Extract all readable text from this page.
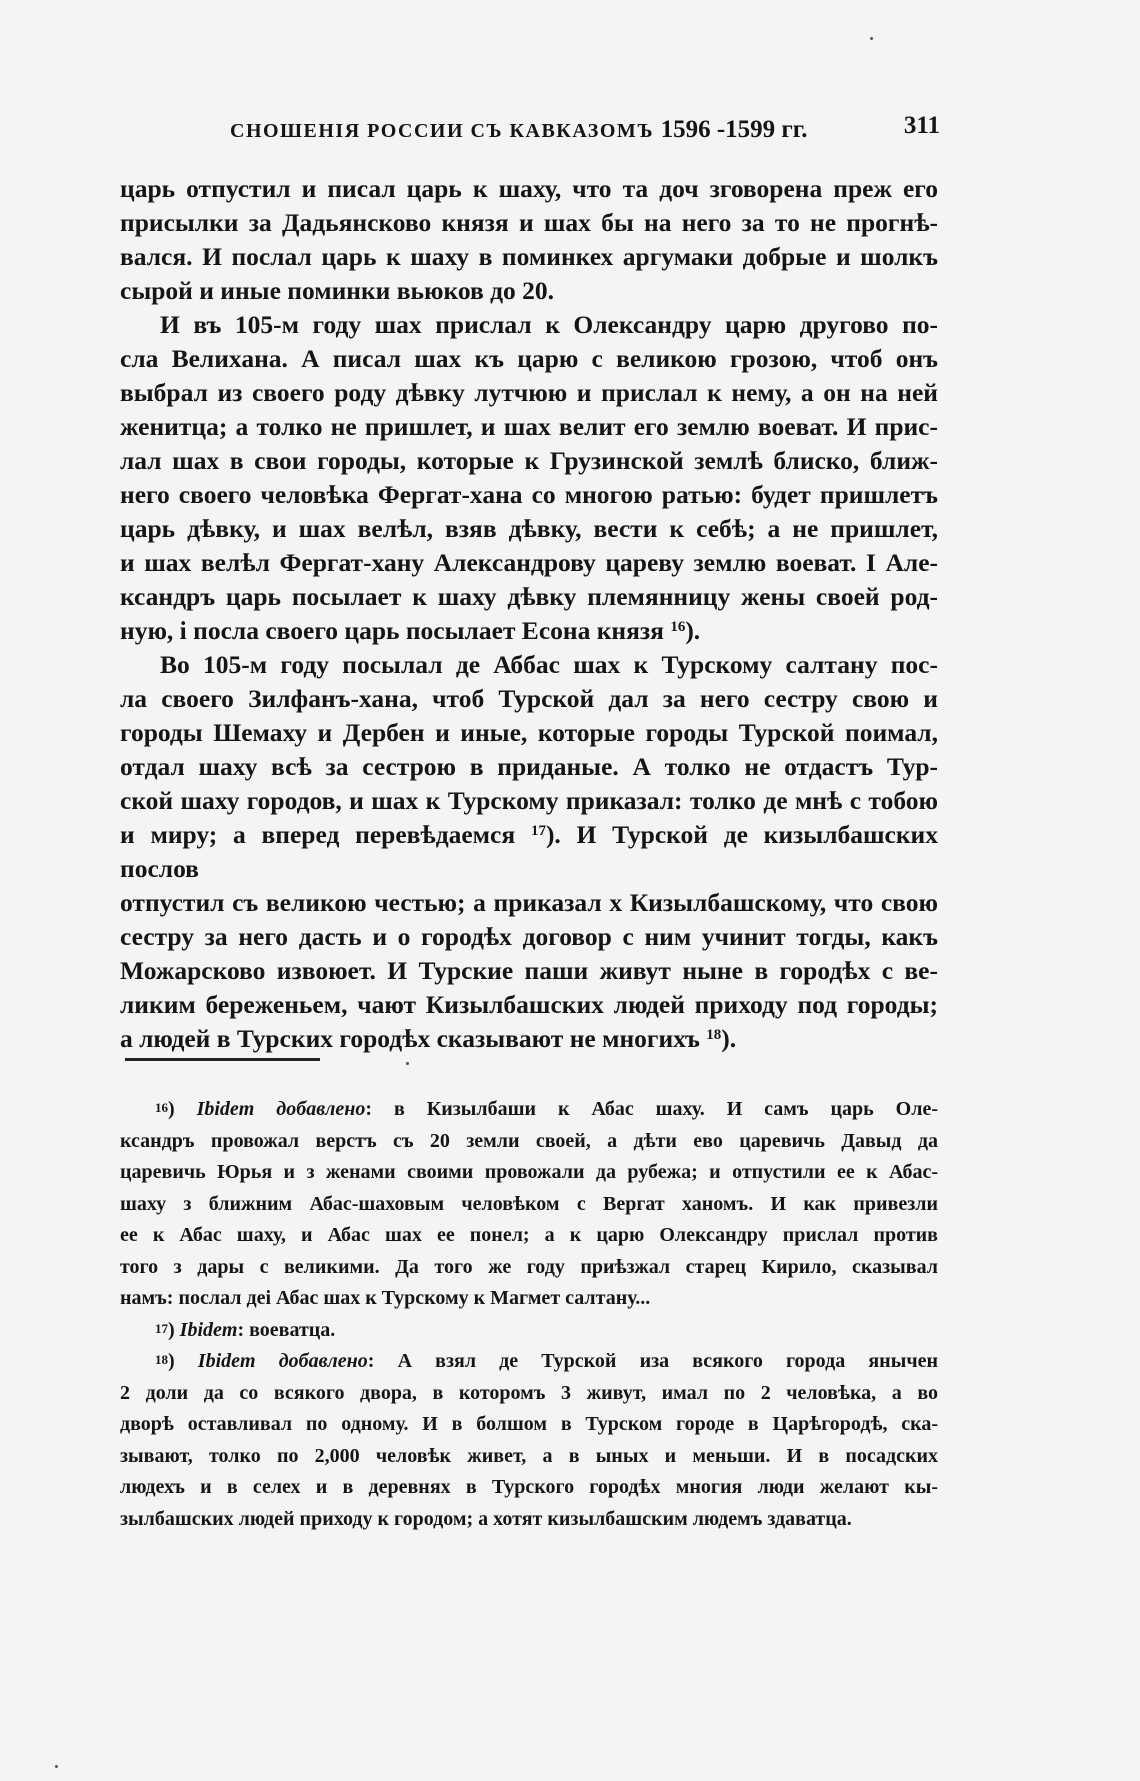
СНОШЕНІЯ РОССИИ СЪ КАВКАЗОМЪ 1596 -1599 гг.	311

царь отпустил и писал царь к шаху, что та доч зговорена преж его

присылки за Дадьянсково князя и шах бы на него за то не прогнѣ-

вался. И послал царь к шаху в поминкех аргумаки добрые и шолкъ

сырой и иные поминки вьюков до 20.

И въ 105-м году шах прислал к Олександру царю другово по-

сла Велихана. А писал шах къ царю с великою грозою, чтоб онъ

выбрал из своего роду дѣвку лутчюю и прислал к нему, а он на ней

женитца; а толко не пришлет, и шах велит его землю воеват. И прис-

лал шах в свои городы, которые к Грузинской землѣ блиско, ближ-

него своего человѣка Фергат-хана со многою ратью: будет пришлетъ

царь дѣвку, и шах велѣл, взяв дѣвку, вести к себѣ; а не пришлет,

и шах велѣл Фергат-хану Александрову цареву землю воеват. І Але-

ксандръ царь посылает к шаху дѣвку племянницу жены своей род-

ную, і посла своего царь посылает Есона князя $^{16}$).

Во 105-м году посылал де Аббас шах к Турскому салтану пос-

ла своего Зилфанъ-хана, чтоб Турской дал за него сестру свою и

городы Шемаху и Дербен и иные, которые городы Турской поимал,

отдал шаху всѣ за сестрою в приданые. А толко не отдастъ Тур-

ской шаху городов, и шах к Турскому приказал: толко де мнѣ с тобою

и миру; а вперед перевѣдаемся $^{17}$). И Турской де кизылбашских послов

отпустил съ великою честью; а приказал х Кизылбашскому, что свою

сестру за него дасть и о городѣх договор с ним учинит тогды, какъ

Можарсково извоюет. И Турские паши живут ныне в городѣх с ве-

ликим береженьем, чают Кизылбашских людей приходу под городы;

а людей в Турских городѣх сказывают не многихъ $^{18}$).

$^{16}$) Ibidem добавлено: в Кизылбаши к Абас шаху. И самъ царь Оле-

ксандръ провожал верстъ съ 20 земли своей, а дѣти ево царевичь Давыд да

царевичь Юрья и з женами своими провожали да рубежа; и отпустили ее к Абас-

шаху з ближним Абас-шаховым человѣком с Вергат ханомъ. И как привезли

ее к Абас шаху, и Абас шах ее понел; а к царю Олександру прислал против

того з дары с великими. Да того же году приѣзжал старец Кирило, сказывал

намъ: послал деі Абас шах к Турскому к Магмет салтану...

$^{17}$) Ibidem: воеватца.

$^{18}$) Ibidem добавлено: А взял де Турской иза всякого города янычен

2 доли да со всякого двора, в которомъ 3 живут, имал по 2 человѣка, а во

дворѣ оставливал по одному. И в болшом в Турском городе в Царѣгородѣ, ска-

зывают, толко по 2,000 человѣк живет, а в ыных и меньши. И в посадских

людехъ и в селех и в деревнях в Турского городѣх многия люди желают кы-

зылбашских людей приходу к городом; а хотят кизылбашским людемъ здаватца.
